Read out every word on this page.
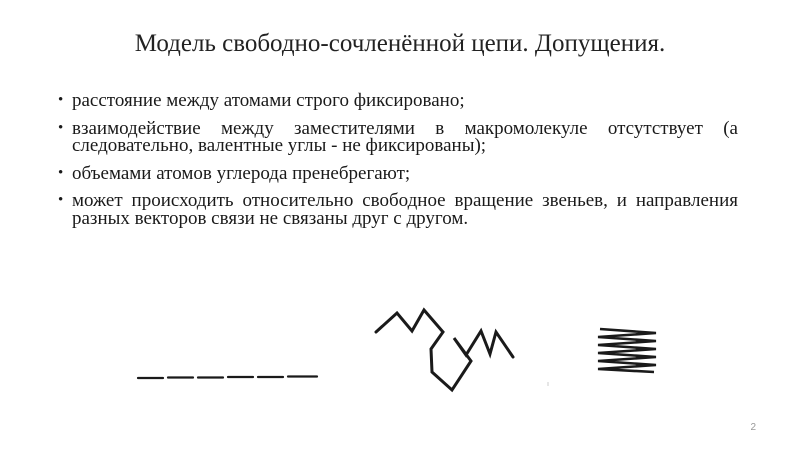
Модель свободно-сочленённой цепи. Допущения.
• расстояние между атомами строго фиксировано;
• взаимодействие между заместителями в макромолекуле отсутствует (а следовательно, валентные углы - не фиксированы);
• объемами атомов углерода пренебрегают;
• может происходить относительно свободное вращение звеньев, и направления разных векторов связи не связаны друг с другом.
2
